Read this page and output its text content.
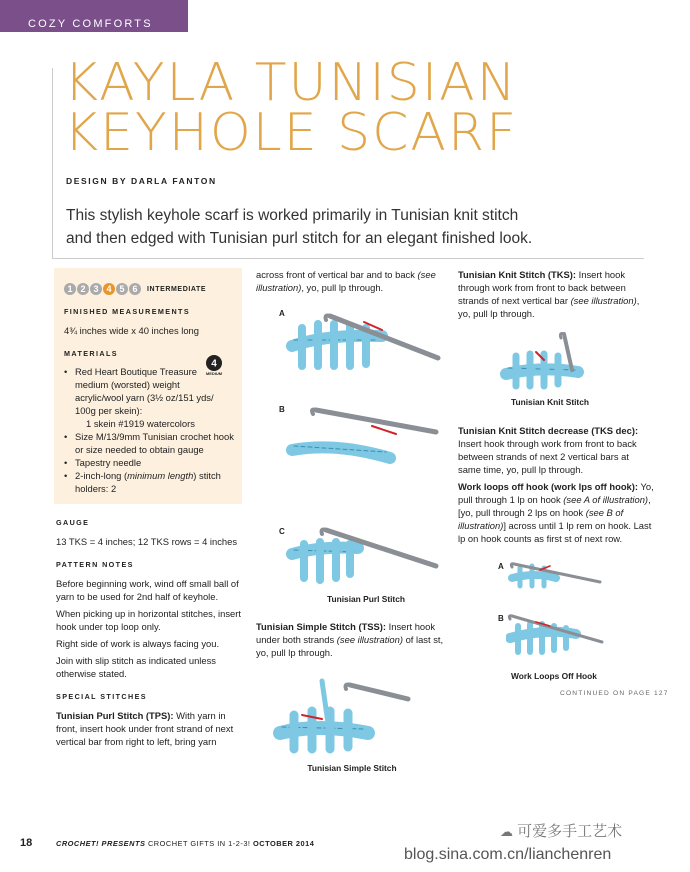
COZY COMFORTS
KAYLA TUNISIAN
KEYHOLE SCARF
DESIGN BY DARLA FANTON
This stylish keyhole scarf is worked primarily in Tunisian knit stitch
and then edged with Tunisian purl stitch for an elegant finished look.
1 2 3 4 5 6	INTERMEDIATE
FINISHED MEASUREMENTS

4¾ inches wide x 40 inches long

MATERIALS
• Red Heart Boutique Treasure
medium (worsted) weight
acrylic/wool yarn (3½ oz/151 yds/
100g per skein):
1 skein #1919 watercolors
• Size M/13/9mm Tunisian crochet hook
or size needed to obtain gauge
• Tapestry needle
• 2-inch-long (minimum length) stitch
holders: 2
4
MEDIUM
GAUGE

13 TKS = 4 inches; 12 TKS rows = 4 inches

PATTERN NOTES
Before beginning work, wind off small ball of
yarn to be used for 2nd half of keyhole.
When picking up in horizontal stitches, insert
hook under top loop only.
Right side of work is always facing you.
Join with slip stitch as indicated unless
otherwise stated.
SPECIAL STITCHES
Tunisian Purl Stitch (TPS): With yarn in
front, insert hook under front strand of next
vertical bar from right to left, bring yarn
across front of vertical bar and to back (see
illustration), yo, pull lp through.
A
B
C
Tunisian Purl Stitch
Tunisian Simple Stitch (TSS): Insert hook
under both strands (see illustration) of last st,
yo, pull lp through.
Tunisian Simple Stitch
Tunisian Knit Stitch (TKS): Insert hook
through work from front to back between
strands of next vertical bar (see illustration),
yo, pull lp through.
Tunisian Knit Stitch
Tunisian Knit Stitch decrease (TKS dec):
Insert hook through work from front to back
between strands of next 2 vertical bars at
same time, yo, pull lp through.
Work loops off hook (work lps off hook): Yo,
pull through 1 lp on hook (see A of illustration),
[yo, pull through 2 lps on hook (see B of
illustration)] across until 1 lp rem on hook. Last
lp on hook counts as first st of next row.
A
B
Work Loops Off Hook
CONTINUED ON PAGE 127
18	CROCHET! PRESENTS CROCHET GIFTS IN 1-2-3! OCTOBER 2014
☁ 可爱多手工艺术
blog.sina.com.cn/lianchenren
